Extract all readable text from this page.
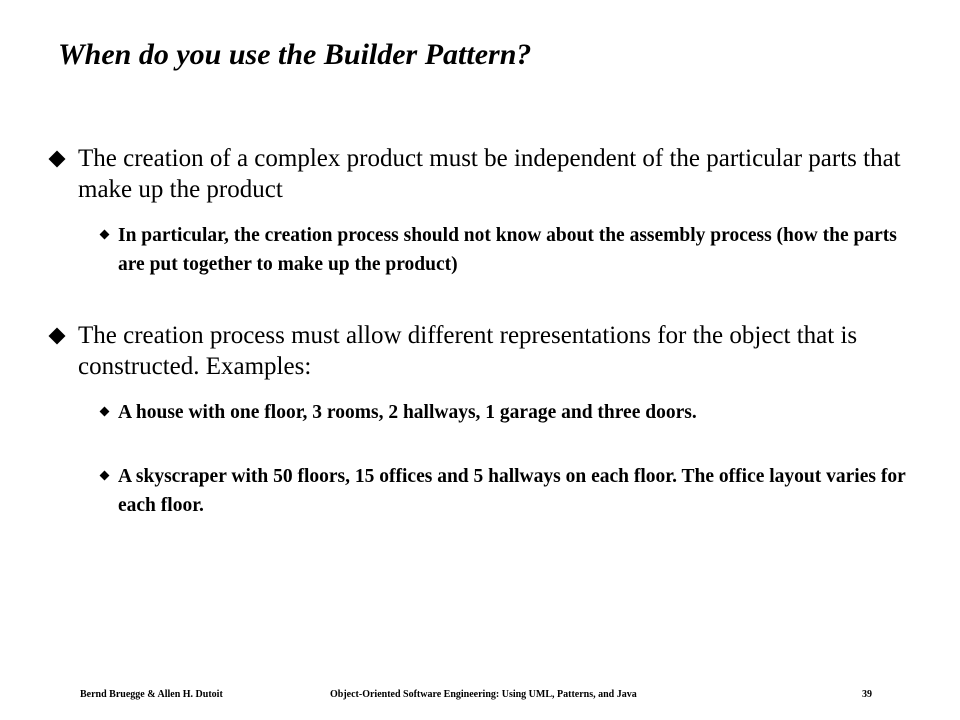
When do you use the Builder Pattern?
The creation of a complex product must be independent of the particular parts that make up the product
In particular, the creation process should not know about the assembly process (how the parts are put together to make up the product)
The creation process must allow different representations for the object that is constructed. Examples:
A house with one floor, 3 rooms, 2 hallways, 1 garage and three doors.
A skyscraper with 50 floors, 15 offices and 5 hallways on each floor. The office layout varies for each floor.
Bernd Bruegge & Allen H. Dutoit	Object-Oriented Software Engineering: Using UML, Patterns, and Java	39
